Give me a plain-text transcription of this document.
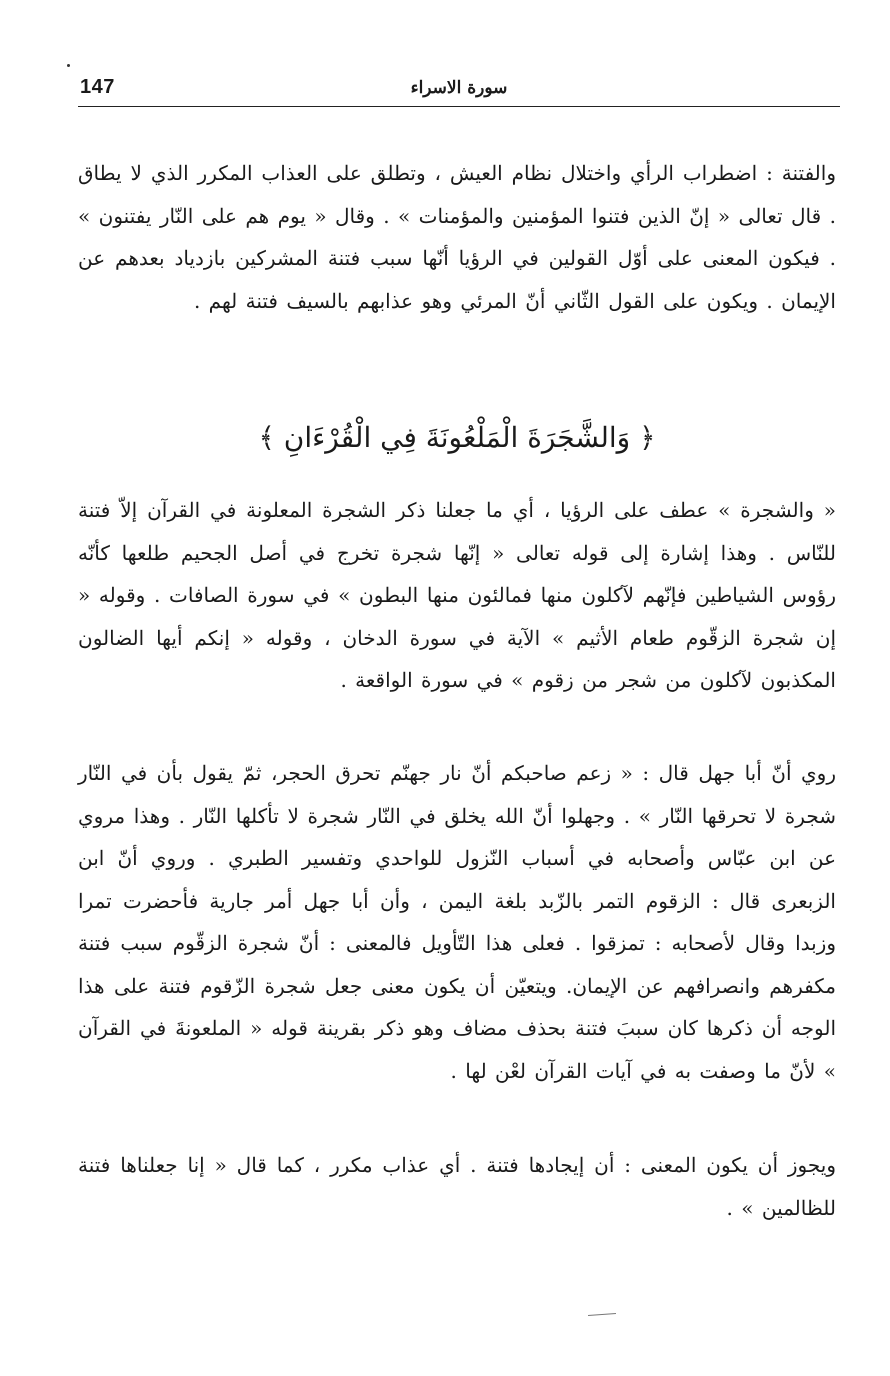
147	سورة الاسراء

والفتنة : اضطراب الرأي واختلال نظام العيش ، وتطلق على العذاب المكرر الذي لا يطاق . قال تعالى « إنّ الذين فتنوا المؤمنين والمؤمنات » . وقال « يوم هم على النّار يفتنون » . فيكون المعنى على أوّل القولين في الرؤيا أنّها سبب فتنة المشركين بازدياد بعدهم عن الإيمان . ويكون على القول الثّاني أنّ المرئي وهو عذابهم بالسيف فتنة لهم .

﴿ وَالشَّجَرَةَ الْمَلْعُونَةَ فِي الْقُرْءَانِ ﴾

« والشجرة » عطف على الرؤيا ، أي ما جعلنا ذكر الشجرة المعلونة في القرآن إلاّ فتنة للنّاس . وهذا إشارة إلى قوله تعالى « إنّها شجرة تخرج في أصل الجحيم طلعها كأنّه رؤوس الشياطين فإنّهم لآكلون منها فمالئون منها البطون » في سورة الصافات . وقوله « إن شجرة الزقّوم طعام الأثيم » الآية في سورة الدخان ، وقوله « إنكم أيها الضالون المكذبون لآكلون من شجر من زقوم » في سورة الواقعة .

روي أنّ أبا جهل قال : « زعم صاحبكم أنّ نار جهنّم تحرق الحجر، ثمّ يقول بأن في النّار شجرة لا تحرقها النّار » . وجهلوا أنّ الله يخلق في النّار شجرة لا تأكلها النّار . وهذا مروي عن ابن عبّاس وأصحابه في أسباب النّزول للواحدي وتفسير الطبري . وروي أنّ ابن الزبعرى قال : الزقوم التمر بالزّبد بلغة اليمن ، وأن أبا جهل أمر جارية فأحضرت تمرا وزبدا وقال لأصحابه : تمزقوا . فعلى هذا التّأويل فالمعنى : أنّ شجرة الزقّوم سبب فتنة مكفرهم وانصرافهم عن الإيمان. ويتعيّن أن يكون معنى جعل شجرة الزّقوم فتنة على هذا الوجه أن ذكرها كان سببَ فتنة بحذف مضاف وهو ذكر بقرينة قوله « الملعونةَ في القرآن » لأنّ ما وصفت به في آيات القرآن لعْن لها .

ويجوز أن يكون المعنى : أن إيجادها فتنة . أي عذاب مكرر ، كما قال « إنا جعلناها فتنة للظالمين » .
